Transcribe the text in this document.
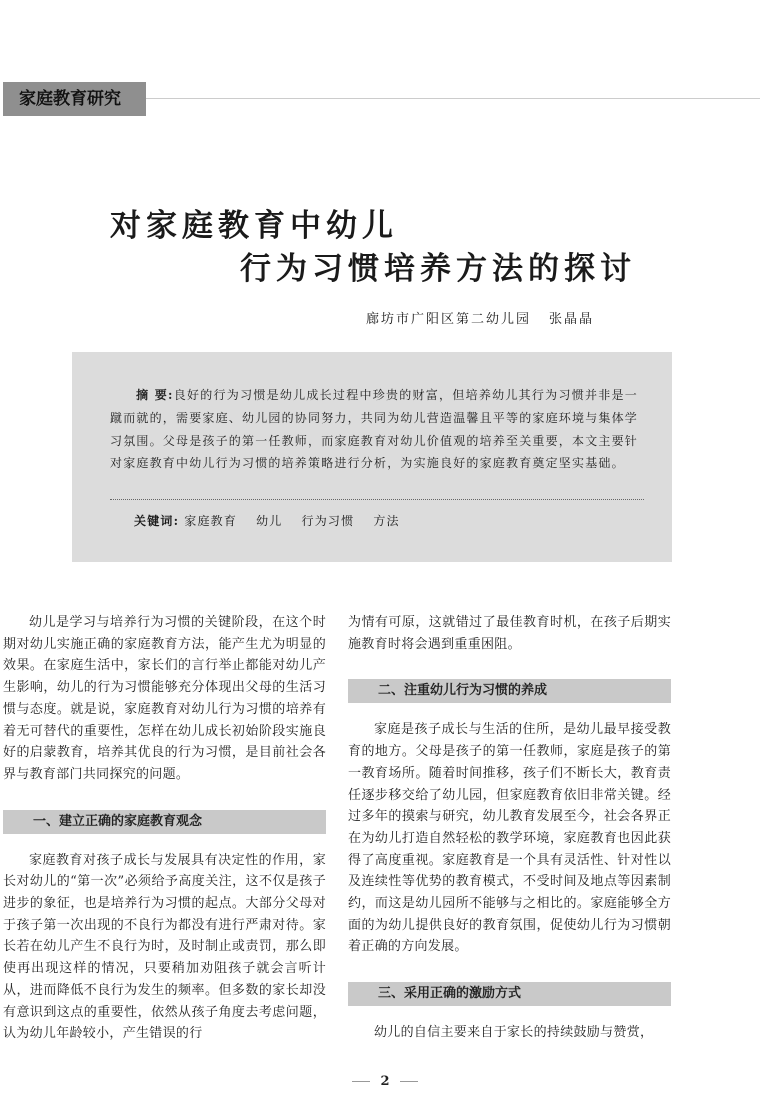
家庭教育研究
对家庭教育中幼儿
行为习惯培养方法的探讨
廊坊市广阳区第二幼儿园 张晶晶
摘 要:良好的行为习惯是幼儿成长过程中珍贵的财富，但培养幼儿其行为习惯并非是一蹴而就的，需要家庭、幼儿园的协同努力，共同为幼儿营造温馨且平等的家庭环境与集体学习氛围。父母是孩子的第一任教师，而家庭教育对幼儿价值观的培养至关重要，本文主要针对家庭教育中幼儿行为习惯的培养策略进行分析，为实施良好的家庭教育奠定坚实基础。
关键词: 家庭教育 幼儿 行为习惯 方法

幼儿是学习与培养行为习惯的关键阶段，在这个时期对幼儿实施正确的家庭教育方法，能产生尤为明显的效果。在家庭生活中，家长们的言行举止都能对幼儿产生影响，幼儿的行为习惯能够充分体现出父母的生活习惯与态度。就是说，家庭教育对幼儿行为习惯的培养有着无可替代的重要性，怎样在幼儿成长初始阶段实施良好的启蒙教育，培养其优良的行为习惯，是目前社会各界与教育部门共同探究的问题。

一、建立正确的家庭教育观念

家庭教育对孩子成长与发展具有决定性的作用，家长对幼儿的“第一次”必须给予高度关注，这不仅是孩子进步的象征，也是培养行为习惯的起点。大部分父母对于孩子第一次出现的不良行为都没有进行严肃对待。家长若在幼儿产生不良行为时，及时制止或责罚，那么即使再出现这样的情况，只要稍加劝阻孩子就会言听计从，进而降低不良行为发生的频率。但多数的家长却没有意识到这点的重要性，依然从孩子角度去考虑问题，认为幼儿年龄较小，产生错误的行

为情有可原，这就错过了最佳教育时机，在孩子后期实施教育时将会遇到重重困阻。

二、注重幼儿行为习惯的养成

家庭是孩子成长与生活的住所，是幼儿最早接受教育的地方。父母是孩子的第一任教师，家庭是孩子的第一教育场所。随着时间推移，孩子们不断长大，教育责任逐步移交给了幼儿园，但家庭教育依旧非常关键。经过多年的摸索与研究，幼儿教育发展至今，社会各界正在为幼儿打造自然轻松的教学环境，家庭教育也因此获得了高度重视。家庭教育是一个具有灵活性、针对性以及连续性等优势的教育模式，不受时间及地点等因素制约，而这是幼儿园所不能够与之相比的。家庭能够全方面的为幼儿提供良好的教育氛围，促使幼儿行为习惯朝着正确的方向发展。

三、采用正确的激励方式

幼儿的自信主要来自于家长的持续鼓励与赞赏，

2
